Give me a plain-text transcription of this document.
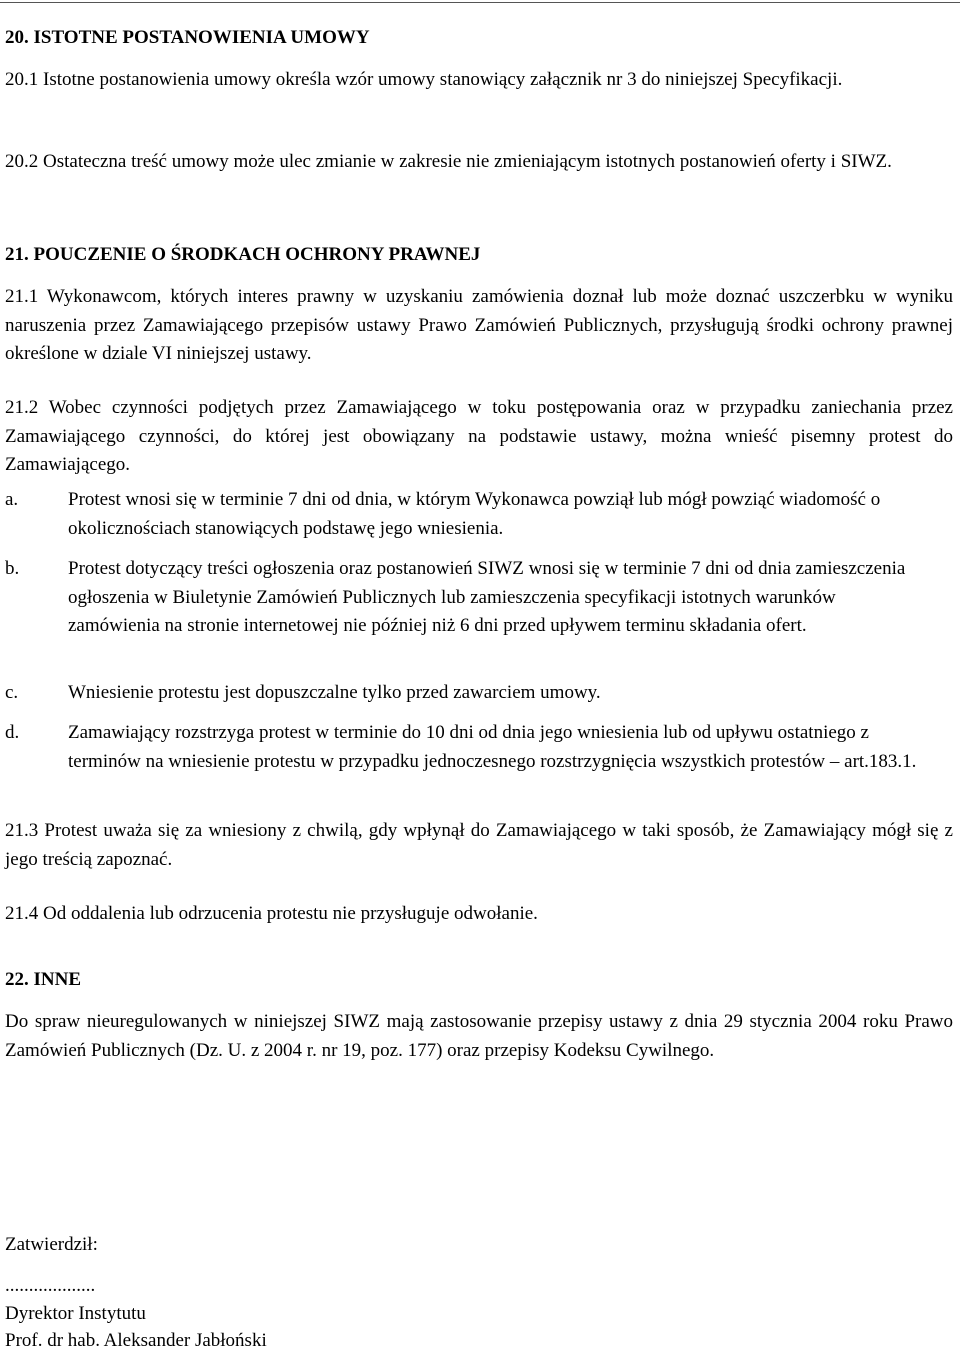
20. ISTOTNE POSTANOWIENIA UMOWY
20.1 Istotne postanowienia umowy określa wzór umowy stanowiący załącznik nr 3 do niniejszej Specyfikacji.
20.2 Ostateczna treść umowy może ulec zmianie w zakresie nie zmieniającym istotnych postanowień oferty i SIWZ.
21. POUCZENIE O ŚRODKACH OCHRONY PRAWNEJ
21.1 Wykonawcom, których interes prawny w uzyskaniu zamówienia doznał lub może doznać uszczerbku w wyniku naruszenia przez Zamawiającego przepisów ustawy Prawo Zamówień Publicznych, przysługują środki ochrony prawnej określone w dziale VI niniejszej ustawy.
21.2 Wobec czynności podjętych przez Zamawiającego w toku postępowania oraz w przypadku zaniechania przez Zamawiającego czynności, do której jest obowiązany na podstawie ustawy, można wnieść pisemny protest do Zamawiającego.
a.	Protest wnosi się w terminie 7 dni od dnia, w którym Wykonawca powziął lub mógł powziąć wiadomość o okolicznościach stanowiących podstawę jego wniesienia.
b.	Protest dotyczący treści ogłoszenia oraz postanowień SIWZ wnosi się w terminie 7 dni od dnia zamieszczenia ogłoszenia w Biuletynie Zamówień Publicznych lub zamieszczenia specyfikacji istotnych warunków zamówienia na stronie internetowej nie później niż 6 dni przed upływem terminu składania ofert.
c.	Wniesienie protestu jest dopuszczalne tylko przed zawarciem umowy.
d.	Zamawiający rozstrzyga protest w terminie do 10 dni od dnia jego wniesienia lub od upływu ostatniego z terminów na wniesienie protestu w przypadku jednoczesnego rozstrzygnięcia wszystkich protestów – art.183.1.
21.3 Protest uważa się za wniesiony z chwilą, gdy wpłynął do Zamawiającego w taki sposób, że Zamawiający mógł się z jego treścią zapoznać.
21.4 Od oddalenia lub odrzucenia protestu nie przysługuje odwołanie.
22. INNE
Do spraw nieuregulowanych w niniejszej SIWZ mają zastosowanie przepisy ustawy z dnia 29 stycznia 2004 roku Prawo Zamówień Publicznych (Dz. U. z 2004 r. nr 19, poz. 177) oraz przepisy Kodeksu Cywilnego.
Zatwierdził:
...................
Dyrektor Instytutu
Prof. dr hab. Aleksander Jabłoński
